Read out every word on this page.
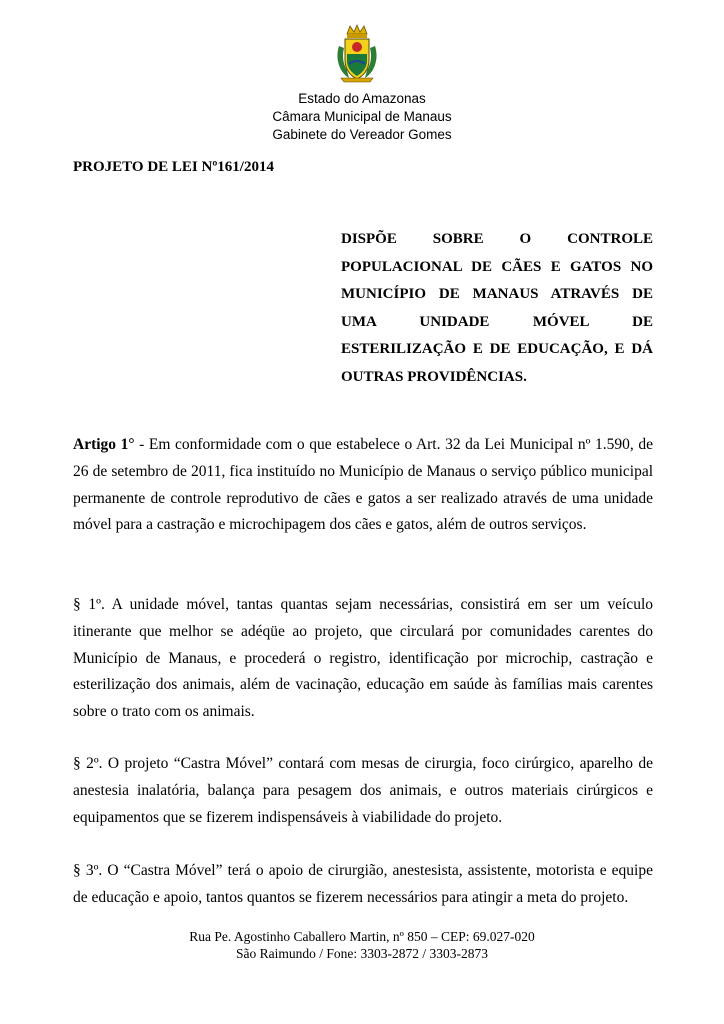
Estado do Amazonas
Câmara Municipal de Manaus
Gabinete do Vereador Gomes
PROJETO DE LEI Nº161/2014
DISPÕE SOBRE O CONTROLE POPULACIONAL DE CÃES E GATOS NO MUNICÍPIO DE MANAUS ATRAVÉS DE UMA UNIDADE MÓVEL DE ESTERILIZAÇÃO E DE EDUCAÇÃO, E DÁ OUTRAS PROVIDÊNCIAS.

Artigo 1° - Em conformidade com o que estabelece o Art. 32 da Lei Municipal nº 1.590, de 26 de setembro de 2011, fica instituído no Município de Manaus o serviço público municipal permanente de controle reprodutivo de cães e gatos a ser realizado através de uma unidade móvel para a castração e microchipagem dos cães e gatos, além de outros serviços.

§ 1º. A unidade móvel, tantas quantas sejam necessárias, consistirá em ser um veículo itinerante que melhor se adéqüe ao projeto, que circulará por comunidades carentes do Município de Manaus, e procederá o registro, identificação por microchip, castração e esterilização dos animais, além de vacinação, educação em saúde às famílias mais carentes sobre o trato com os animais.

§ 2º. O projeto “Castra Móvel” contará com mesas de cirurgia, foco cirúrgico, aparelho de anestesia inalatória, balança para pesagem dos animais, e outros materiais cirúrgicos e equipamentos que se fizerem indispensáveis à viabilidade do projeto.

§ 3º. O “Castra Móvel” terá o apoio de cirurgião, anestesista, assistente, motorista e equipe de educação e apoio, tantos quantos se fizerem necessários para atingir a meta do projeto.

Rua Pe. Agostinho Caballero Martin, nº 850 – CEP: 69.027-020
São Raimundo / Fone: 3303-2872 / 3303-2873
